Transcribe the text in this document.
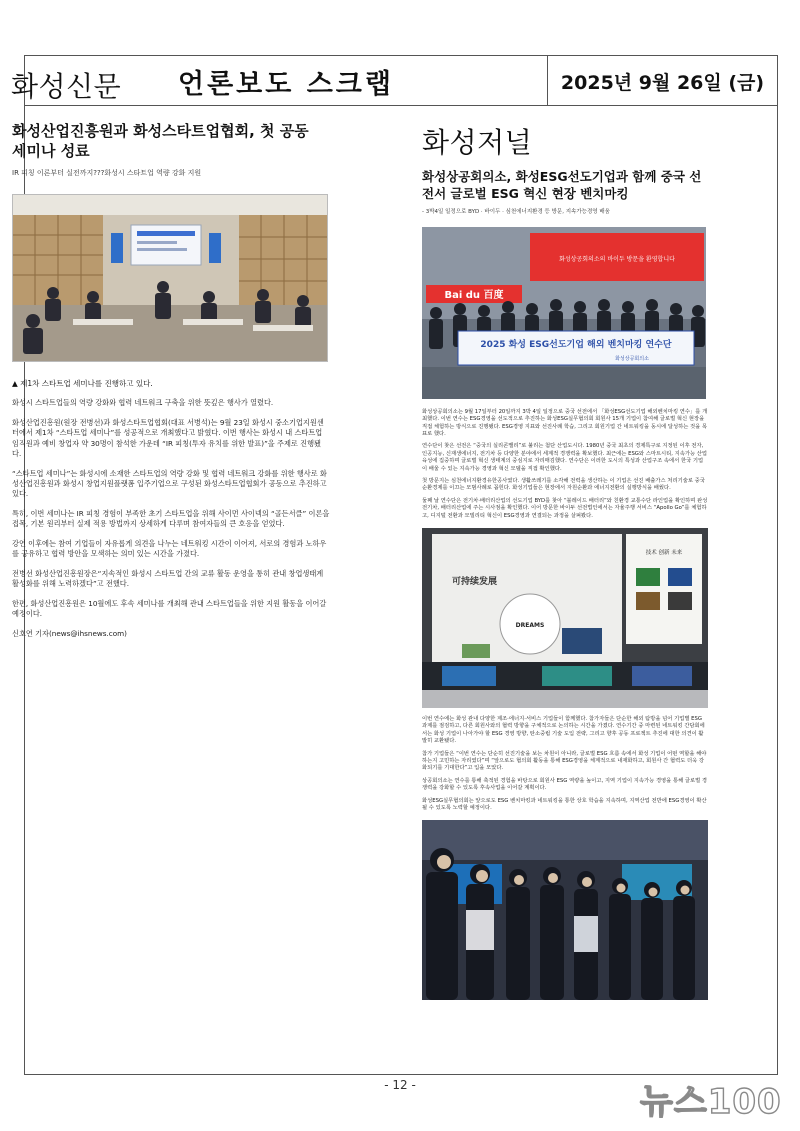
언론보도 스크랩	2025년 9월 26일 (금)
화성신문
화성산업진흥원과 화성스타트업협회, 첫 공동 세미나 성료
IR 피칭 이론부터 실전까지???화성시 스타트업 역량 강화 지원
▲ 제1차 스타트업 세미나를 진행하고 있다.

화성시 스타트업들의 역량 강화와 협력 네트워크 구축을 위한 뜻깊은 행사가 열렸다.

화성산업진흥원(원장 전병선)과 화성스타트업협회(대표 서병석)는 9월 23일 화성시 중소기업지원센터에서 제1차 “스타트업 세미나”를 성공적으로 개최했다고 밝혔다. 이번 행사는 화성시 내 스타트업 임직원과 예비 창업자 약 30명이 참석한 가운데 “IR 피칭(투자 유치를 위한 발표)”을 주제로 진행됐다.

“스타트업 세미나”는 화성시에 소재한 스타트업의 역량 강화 및 협력 네트워크 강화를 위한 행사로 화성산업진흥원과 화성시 창업지원플랫폼 입주기업으로 구성된 화성스타트업협회가 공동으로 추진하고 있다.

특히, 이번 세미나는 IR 피칭 경험이 부족한 초기 스타트업을 위해 사이먼 사이넥의 “골든서클” 이론을 접목, 기본 원리부터 실제 적용 방법까지 상세하게 다루며 참여자들의 큰 호응을 얻었다.

강연 이후에는 참여 기업들이 자유롭게 의견을 나누는 네트워킹 시간이 이어져, 서로의 경험과 노하우를 공유하고 협력 방안을 모색하는 의미 있는 시간을 가졌다.

전병선 화성산업진흥원장은“지속적인 화성시 스타트업 간의 교류 활동 운영을 통히 관내 창업생태계 활성화를 위해 노력하겠다”고 전했다.

한편, 화성산업진흥원은 10월에도 후속 세미나를 개최해 관내 스타트업들을 위한 지원 활동을 이어갈 예정이다.

신호연 기자(news@ihsnews.com)

화성저널
화성상공회의소, 화성ESG선도기업과 함께 중국 선전서 글로벌 ESG 혁신 현장 벤치마킹
- 3박4일 일정으로 BYD · 바이두 · 심천에너지환경 등 방문, 지속가능경영 배움
화성상공회의소의 바이두 방문을 환영합니다
Bai du 百度
2025 화성 ESG선도기업 해외 벤치마킹 연수단
화성상공회의소

화성상공회의소는 9월 17일부터 20일까지 3박 4일 일정으로 중국 선전에서 「화성ESG선도기업 해외벤치마킹 연수」를 개최했다. 이번 연수는 ESG경영을 선도적으로 추진하는 화성ESG실무협의회 회원사 15개 기업이 참여해 글로벌 혁신 현장을 직접 체험하는 방식으로 진행됐다. ESG경영 지표와 선진사례 학습, 그리고 회원기업 간 네트워킹을 동시에 달성하는 것을 목표로 했다.

연수단이 찾은 선전은 “중국의 실리콘밸리”로 불리는 첨단 산업도시다. 1980년 중국 최초의 경제특구로 지정된 이후 전자, 인공지능, 신재생에너지, 전기차 등 다양한 분야에서 세계적 경쟁력을 확보했다. 최근에는 ESG와 스마트시티, 지속가능 산업 육성에 집중하며 글로벌 혁신 생태계의 중심지로 자리매김했다. 연수단은 이러한 도시의 특성과 산업구조 속에서 한국 기업이 배울 수 있는 지속가능 경영과 혁신 모델을 직접 확인했다.

첫 방문지는 심천에너지환경유한공사였다. 생활쓰레기를 소각해 전력을 생산하는 이 기업은 선진 배출가스 처리기술로 중국 순환경제를 이끄는 모범사례로 꼽힌다. 화성기업들은 현장에서 자원순환과 에너지전환의 실행방식을 배웠다.

둘째 날 연수단은 전기차·배터리산업의 선도기업 BYD를 찾아 “블레이드 배터리”와 친환경 교통수단 라인업을 확인하며 완성 전기차, 배터리산업에 주는 시사점을 확인했다. 이어 방문한 바이두 선전법인에서는 자율주행 서비스 “Apollo Go”를 체험하고, 디지털 전환과 모빌리티 혁신이 ESG경영과 연결되는 과정을 살펴봤다.

可持续发展
DREAMS
技术 创新 未来

이번 연수에는 화성 관내 다양한 제조·에너지·서비스 기업들이 함께했다. 참가자들은 단순한 해외 탐방을 넘어 기업별 ESG 과제를 점검하고, 다른 회원사와의 협력 방향을 구체적으로 논의하는 시간을 가졌다. 연수기간 중 마련된 네트워킹 간담회에서는 화성 기업이 나아가야 할 ESG 경영 방향, 탄소중립 기술 도입 전략, 그리고 향후 공동 프로젝트 추진에 대한 의견이 활발히 교환됐다.

참가 기업들은 “이번 연수는 단순히 선진기술을 보는 차원이 아니라, 글로벌 ESG 흐름 속에서 화성 기업이 어떤 역할을 해야 하는지 고민하는 자리였다”며 “앞으로도 협의회 활동을 통해 ESG경영을 체계적으로 내재화하고, 회원사 간 협력도 더욱 강화되기를 기대한다”고 입을 모았다.

상공회의소는 연수를 통해 축적된 경험을 바탕으로 회원사 ESG 역량을 높이고, 지역 기업이 지속가능 경영을 통해 글로벌 경쟁력을 강화할 수 있도록 후속사업을 이어갈 계획이다.

화성ESG실무협의회는 앞으로도 ESG 벤치마킹과 네트워킹을 통한 상호 학습을 지속하며, 지역산업 전반에 ESG경영이 확산될 수 있도록 노력할 예정이다.

- 12 -	뉴스100
